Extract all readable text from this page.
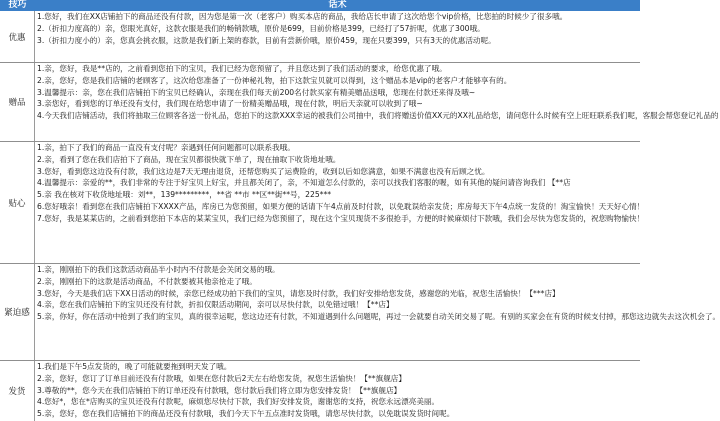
技巧	话术
优惠
1.您好，我们在XX店铺拍下的商品还没有付款，因为您是第一次（老客户）购买本店的商品，我给店长申请了这次给您个vip价格，比您拍的时候少了很多哦。
2.（折扣力度高的）亲，您眼光真好，这款衣服是我们的畅销款哦，原价是699，目前价格是399，已经打了57折呢，优惠了300哦。
3.（折扣力度小的）亲，您真会挑衣服，这款是我们新上架的春款，目前有尝新价哦，原价459，现在只要399，只有3天的优惠活动呢。
赠品
1.亲，您好，我是**店的，之前看到您拍下的宝贝，我们已经为您预留了，并且您达到了我们活动的要求，给您优惠了哦。
2.亲，您好，您是我们店铺的老顾客了，这次给您准备了一份神秘礼物，拍下这款宝贝就可以得到，这个赠品本是vip的老客户才能够享有的。
3.温馨提示：亲，您在我们店铺拍下的宝贝已经确认，亲现在我们每天前200名付款买家有精美赠品送哦，您现在付款还来得及哦~
3.亲您好，看到您的订单还没有支付，我们现在给您申请了一份精美赠品哦，现在付款，明后天亲就可以收到了哦~
4.今天我们店铺活动，我们将抽取三位顾客各送一份礼品，您拍下的这款XXX幸运的被我们公司抽中，我们将赠送价值XX元的XX礼品给您，请问您什么时候有空上旺旺联系我们呢，客服会帮您登记礼品的
贴心
1.亲，拍下了我们的商品一直没有支付呢？亲遇到任何问题都可以联系我哦。
2.亲，看到了您在我们店拍下了商品，现在宝贝都很快就下单了，现在抽取下收货地址哦。
3.您好，看到您这边没有付款，我们这边是7天无理由退货，还帮您购买了运费险的，收到以后如您满意，如果不满意也没有后顾之忧。
4.温馨提示：亲爱的**，我们非常的专注于好宝贝上好宝，并且都关闭了，亲，不知道怎么付款的，亲可以找我们客服的喔，如有其他的疑问请咨询我们 【**店
5.亲 我在核对下收货地址哦：刘**，139*********，**省 **市 **区**街**号，225***
6.您好哦亲！看到您在我们店铺拍下XXXX产品，库房已为您预留，如果方便的话请下午4点前及时付款，以免耽误给亲发货；库房每天下午4点统一发货的！淘宝愉快！天天好心情！
7.您好，我是某某店的，之前看到您拍下本店的某某宝贝，我们已经为您预留了，现在这个宝贝现货不多很抢手，方便的时候麻烦付下款哦，我们会尽快为您发货的，祝您购物愉快！
紧迫感
1.亲，刚刚拍下的我们这款活动商品半小时内不付款是会关闭交易的哦。
2.亲，刚刚拍下的这款是活动商品，不付款要被其他亲抢走了哦。
3.您好，今天是我们店下XX日活动的时候，亲您已经成功拍下我们的宝贝，请您及时付款，我们好安排给您发货，感谢您的光临，祝您生活愉快！【***店】
4.亲，您在我们店铺拍下的宝贝还没有付款，折扣仅限活动期间，亲可以尽快付款，以免错过哦！【**店】
5.亲，你好，你在活动中抢到了我们的宝贝，真的很幸运呢，您这边还有付款，不知道遇到什么问题呢，再过一会就要自动关闭交易了呢。有别的买家会在有货的时候支付掉，那您这边就失去这次机会了。
发货
1.我们是下午5点发货的，晚了可能就要拖到明天发了哦。
2.亲，您好，您订了订单目前还没有付款哦，如果在您付款后2天左右给您发货，祝您生活愉快！【**旗舰店】
3.尊敬的**，您今天在我们店铺拍下的订单还没有付款哦，您付款后我们将立即为您安排发货！【**旗舰店】
4.您好*，您在*店购买的宝贝还没有付款呢，麻烦您尽快付下款，我们好安排发货，谢谢您的支持，祝您永远漂亮美丽。
5.亲，您好，您在我们店铺拍下的商品还没有付款哦，我们今天下午五点准时发货哦，请您尽快付款，以免耽误发货时间呢。
